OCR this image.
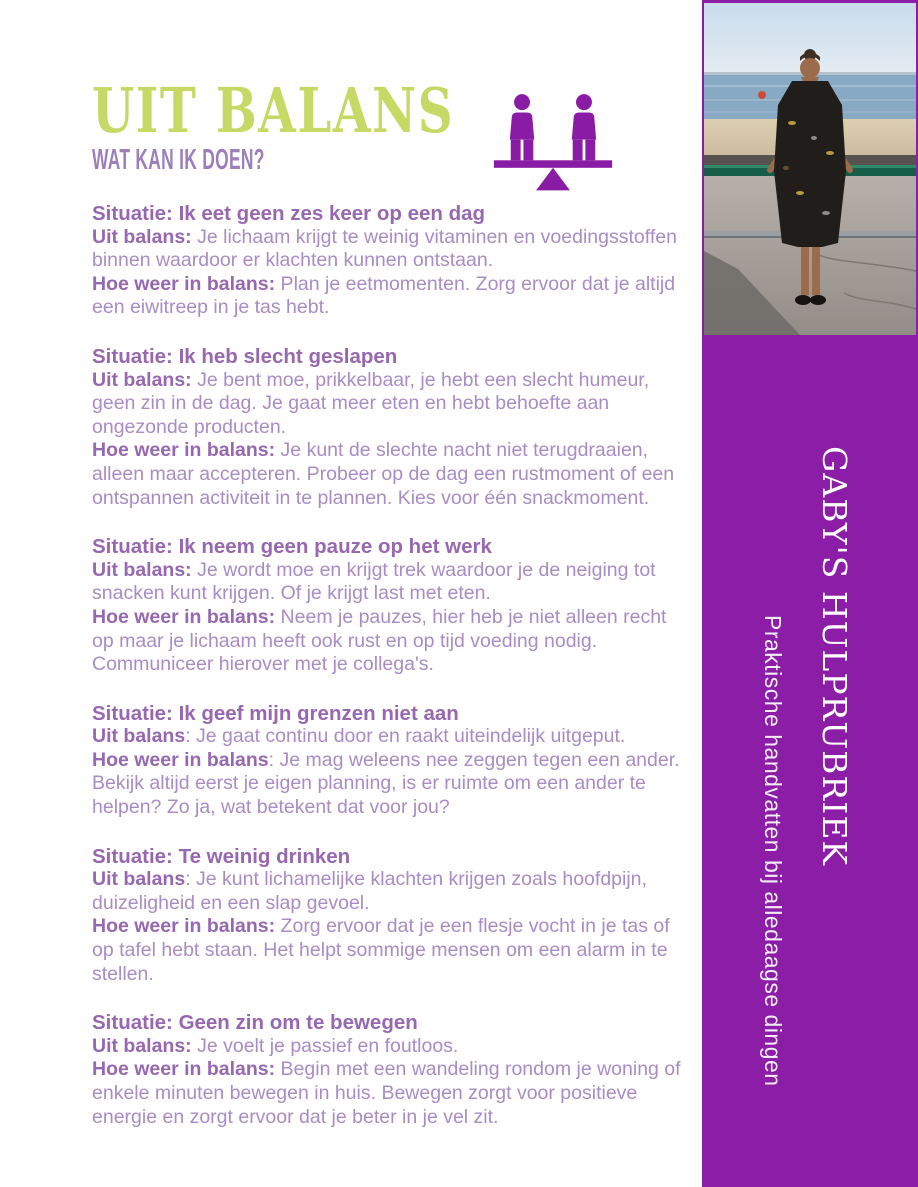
UIT BALANS
WAT KAN IK DOEN?
Situatie: Ik eet geen zes keer op een dag

Uit balans: Je lichaam krijgt te weinig vitaminen en voedingsstoffen binnen waardoor er klachten kunnen ontstaan.

Hoe weer in balans: Plan je eetmomenten. Zorg ervoor dat je altijd een eiwitreep in je tas hebt.

Situatie: Ik heb slecht geslapen

Uit balans: Je bent moe, prikkelbaar, je hebt een slecht humeur, geen zin in de dag. Je gaat meer eten en hebt behoefte aan ongezonde producten.

Hoe weer in balans: Je kunt de slechte nacht niet terugdraaien, alleen maar accepteren. Probeer op de dag een rustmoment of een ontspannen activiteit in te plannen. Kies voor één snackmoment.

Situatie: Ik neem geen pauze op het werk

Uit balans: Je wordt moe en krijgt trek waardoor je de neiging tot snacken kunt krijgen. Of je krijgt last met eten.

Hoe weer in balans: Neem je pauzes, hier heb je niet alleen recht op maar je lichaam heeft ook rust en op tijd voeding nodig. Communiceer hierover met je collega's.

Situatie: Ik geef mijn grenzen niet aan

Uit balans: Je gaat continu door en raakt uiteindelijk uitgeput.

Hoe weer in balans: Je mag weleens nee zeggen tegen een ander. Bekijk altijd eerst je eigen planning, is er ruimte om een ander te helpen? Zo ja, wat betekent dat voor jou?

Situatie: Te weinig drinken

Uit balans: Je kunt lichamelijke klachten krijgen zoals hoofdpijn, duizeligheid en een slap gevoel.

Hoe weer in balans: Zorg ervoor dat je een flesje vocht in je tas of op tafel hebt staan. Het helpt sommige mensen om een alarm in te stellen.

Situatie: Geen zin om te bewegen

Uit balans: Je voelt je passief en foutloos.

Hoe weer in balans: Begin met een wandeling rondom je woning of enkele minuten bewegen in huis. Bewegen zorgt voor positieve energie en zorgt ervoor dat je beter in je vel zit.

GABY'S HULPRUBRIEK
Praktische handvatten bij alledaagse dingen
